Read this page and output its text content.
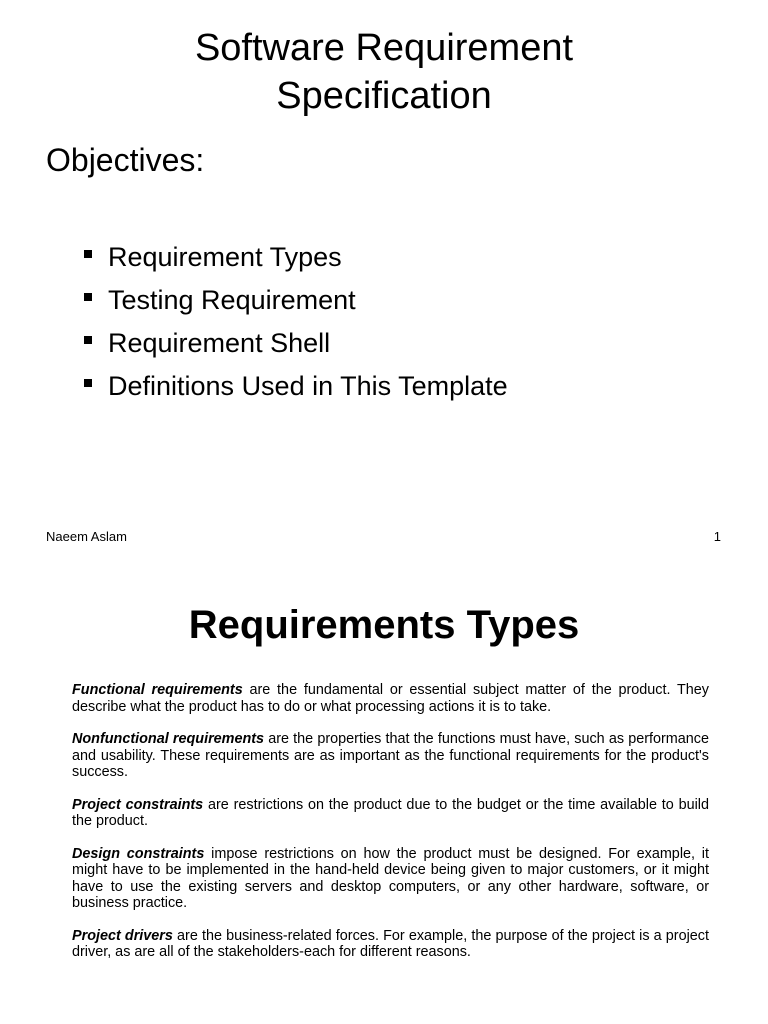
Software Requirement
Specification
Objectives:
Requirement Types
Testing Requirement
Requirement Shell
Definitions Used in This Template
Naeem Aslam	1
Requirements Types

Functional requirements are the fundamental or essential subject matter of the product. They describe what the product has to do or what processing actions it is to take.

Nonfunctional requirements are the properties that the functions must have, such as performance and usability. These requirements are as important as the functional requirements for the product's success.

Project constraints are restrictions on the product due to the budget or the time available to build the product.

Design constraints impose restrictions on how the product must be designed. For example, it might have to be implemented in the hand-held device being given to major customers, or it might have to use the existing servers and desktop computers, or any other hardware, software, or business practice.

Project drivers are the business-related forces. For example, the purpose of the project is a project driver, as are all of the stakeholders-each for different reasons.
